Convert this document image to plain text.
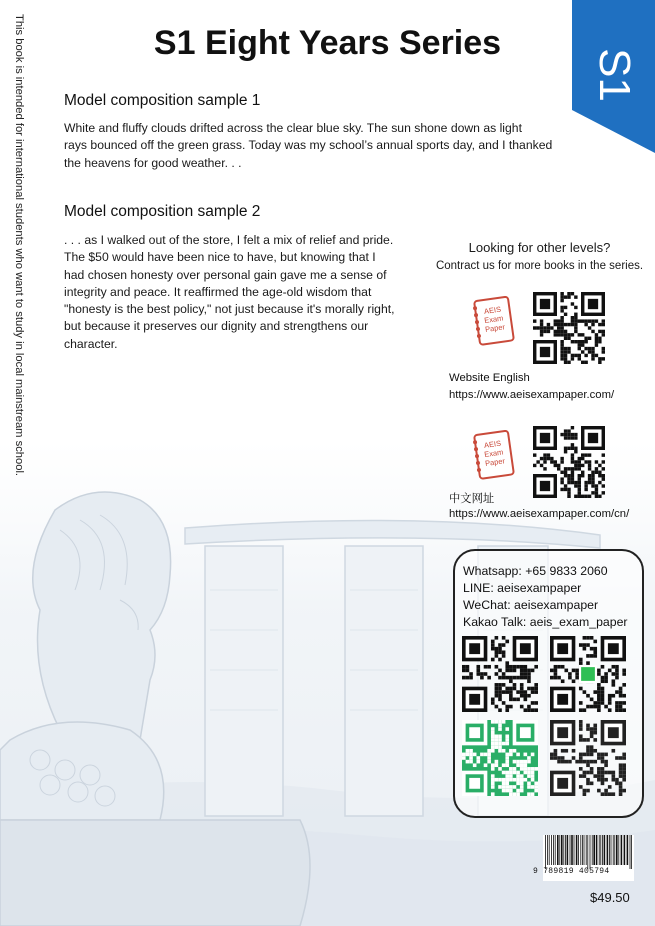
This book is intended for international students who want to study in local mainstream school.	S1 Eight Years Series
S1
Model composition sample 1
White and fluffy clouds drifted across the clear blue sky. The sun shone down as light
rays bounced off the green grass. Today was my school’s annual sports day, and I thanked
the heavens for good weather. . .
Model composition sample 2
. . . as I walked out of the store, I felt a mix of relief and pride.
The $50 would have been nice to have, but knowing that I
had chosen honesty over personal gain gave me a sense of
integrity and peace. It reaffirmed the age-old wisdom that
"honesty is the best policy," not just because it's morally right,
but because it preserves our dignity and strengthens our
character.
Looking for other levels?
Contract us for more books in the series.
AEIS
Exam
Paper
Website English
https://www.aeisexampaper.com/
AEIS
Exam
Paper
中文网址
https://www.aeisexampaper.com/cn/
Whatsapp: +65 9833 2060
LINE: aeisexampaper
WeChat: aeisexampaper
Kakao Talk: aeis_exam_paper
9 789819 405794
$49.50
